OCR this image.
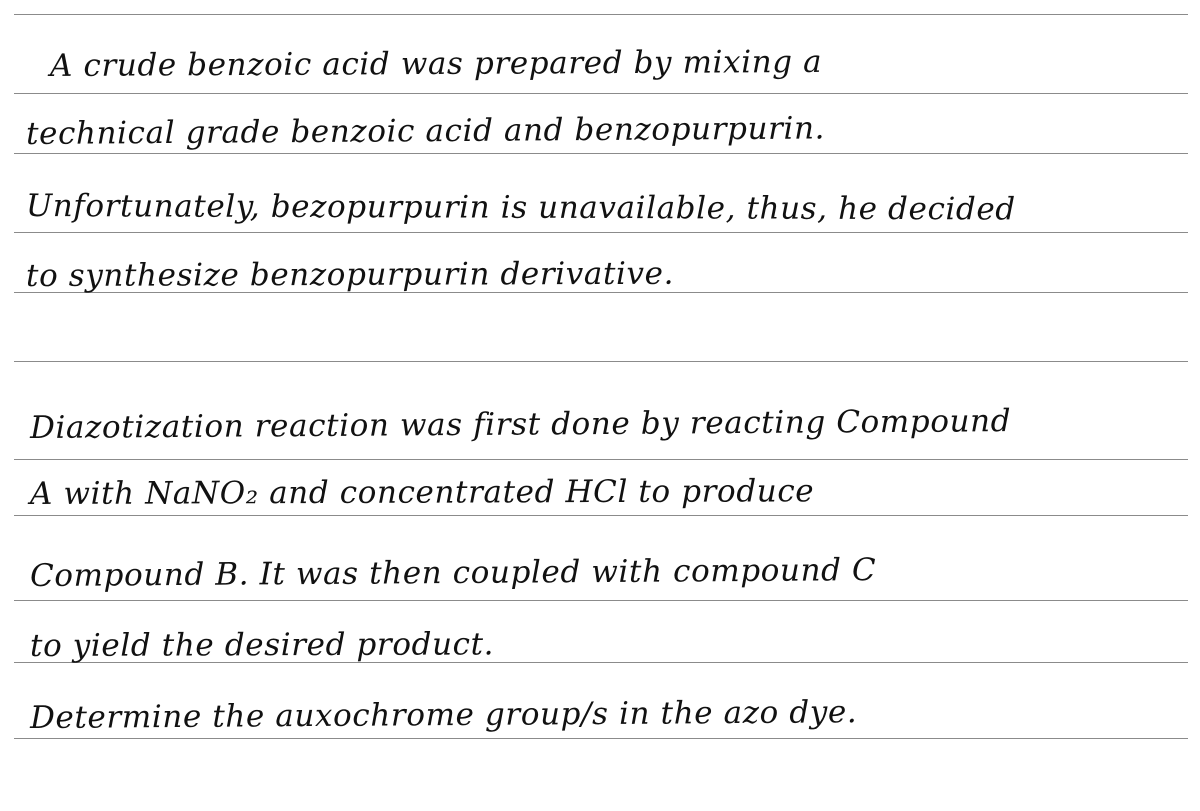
A crude benzoic acid was prepared by mixing a
technical grade benzoic acid and benzopurpurin.
Unfortunately, bezopurpurin is unavailable, thus, he decided
to synthesize benzopurpurin derivative.
Diazotization reaction was first done by reacting Compound
A with NaNO₂ and concentrated HCl to produce
Compound B. It was then coupled with compound C
to yield the desired product.
Determine the auxochrome group/s in the azo dye.
